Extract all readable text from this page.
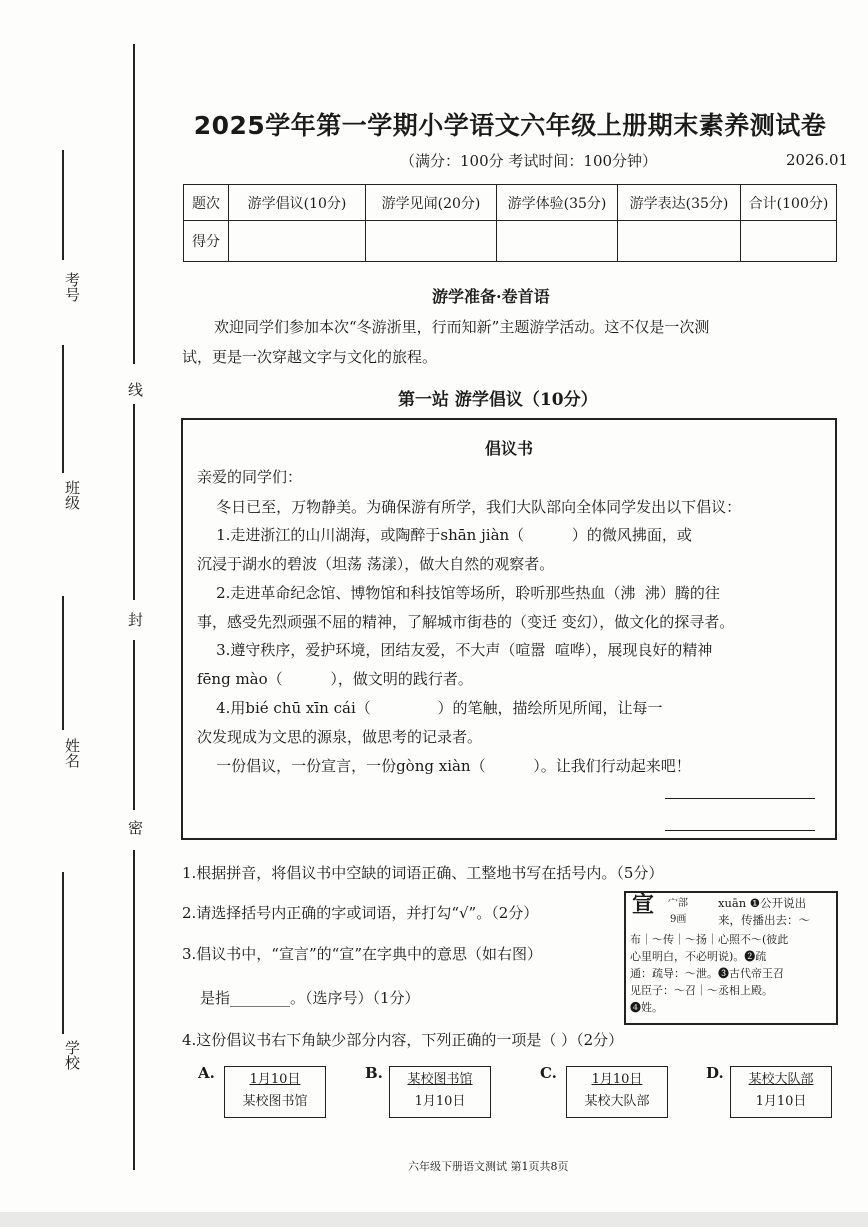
线
封
密
考号
班级
姓名
学校
2025学年第一学期小学语文六年级上册期末素养测试卷
（满分：100分 考试时间：100分钟）	2026.01
题次	游学倡议(10分)	游学见闻(20分)	游学体验(35分)	游学表达(35分)	合计(100分)
得分					
游学准备·卷首语
欢迎同学们参加本次“冬游浙里，行而知新”主题游学活动。这不仅是一次测
试，更是一次穿越文字与文化的旅程。
第一站 游学倡议（10分）
倡议书
亲爱的同学们：
冬日已至，万物静美。为确保游有所学，我们大队部向全体同学发出以下倡议：
1.走进浙江的山川湖海，或陶醉于shān jiàn（          ）的微风拂面，或
沉浸于湖水的碧波（坦荡 荡漾），做大自然的观察者。
2.走进革命纪念馆、博物馆和科技馆等场所，聆听那些热血（沸  沸）腾的往
事，感受先烈顽强不屈的精神，了解城市街巷的（变迁 变幻），做文化的探寻者。
3.遵守秩序，爱护环境，团结友爱，不大声（喧嚣  喧哗），展现良好的精神
fēng mào（          ），做文明的践行者。
4.用bié chū xīn cái（              ）的笔触，描绘所见所闻，让每一
次发现成为文思的源泉，做思考的记录者。
一份倡议，一份宣言，一份gòng xiàn（          ）。让我们行动起来吧！
1.根据拼音，将倡议书中空缺的词语正确、工整地书写在括号内。（5分）
2.请选择括号内正确的字或词语，并打勾“√”。（2分）
3.倡议书中，“宣言”的“宣”在字典中的意思（如右图）
是指________。（选序号）（1分）
4.这份倡议书右下角缺少部分内容，下列正确的一项是（ ）（2分）
宣 宀部
9画
xuān ❶公开说出
来，传播出去：～
布｜～传｜～扬｜心照不～(彼此
心里明白，不必明说)。❷疏
通：疏导：～泄。❸古代帝王召
见臣子：～召｜～丞相上殿。
❹姓。
A.	1月10日
某校图书馆
B.	某校图书馆
1月10日
C.	1月10日
某校大队部
D.	某校大队部
1月10日
六年级下册语文测试 第1页共8页
